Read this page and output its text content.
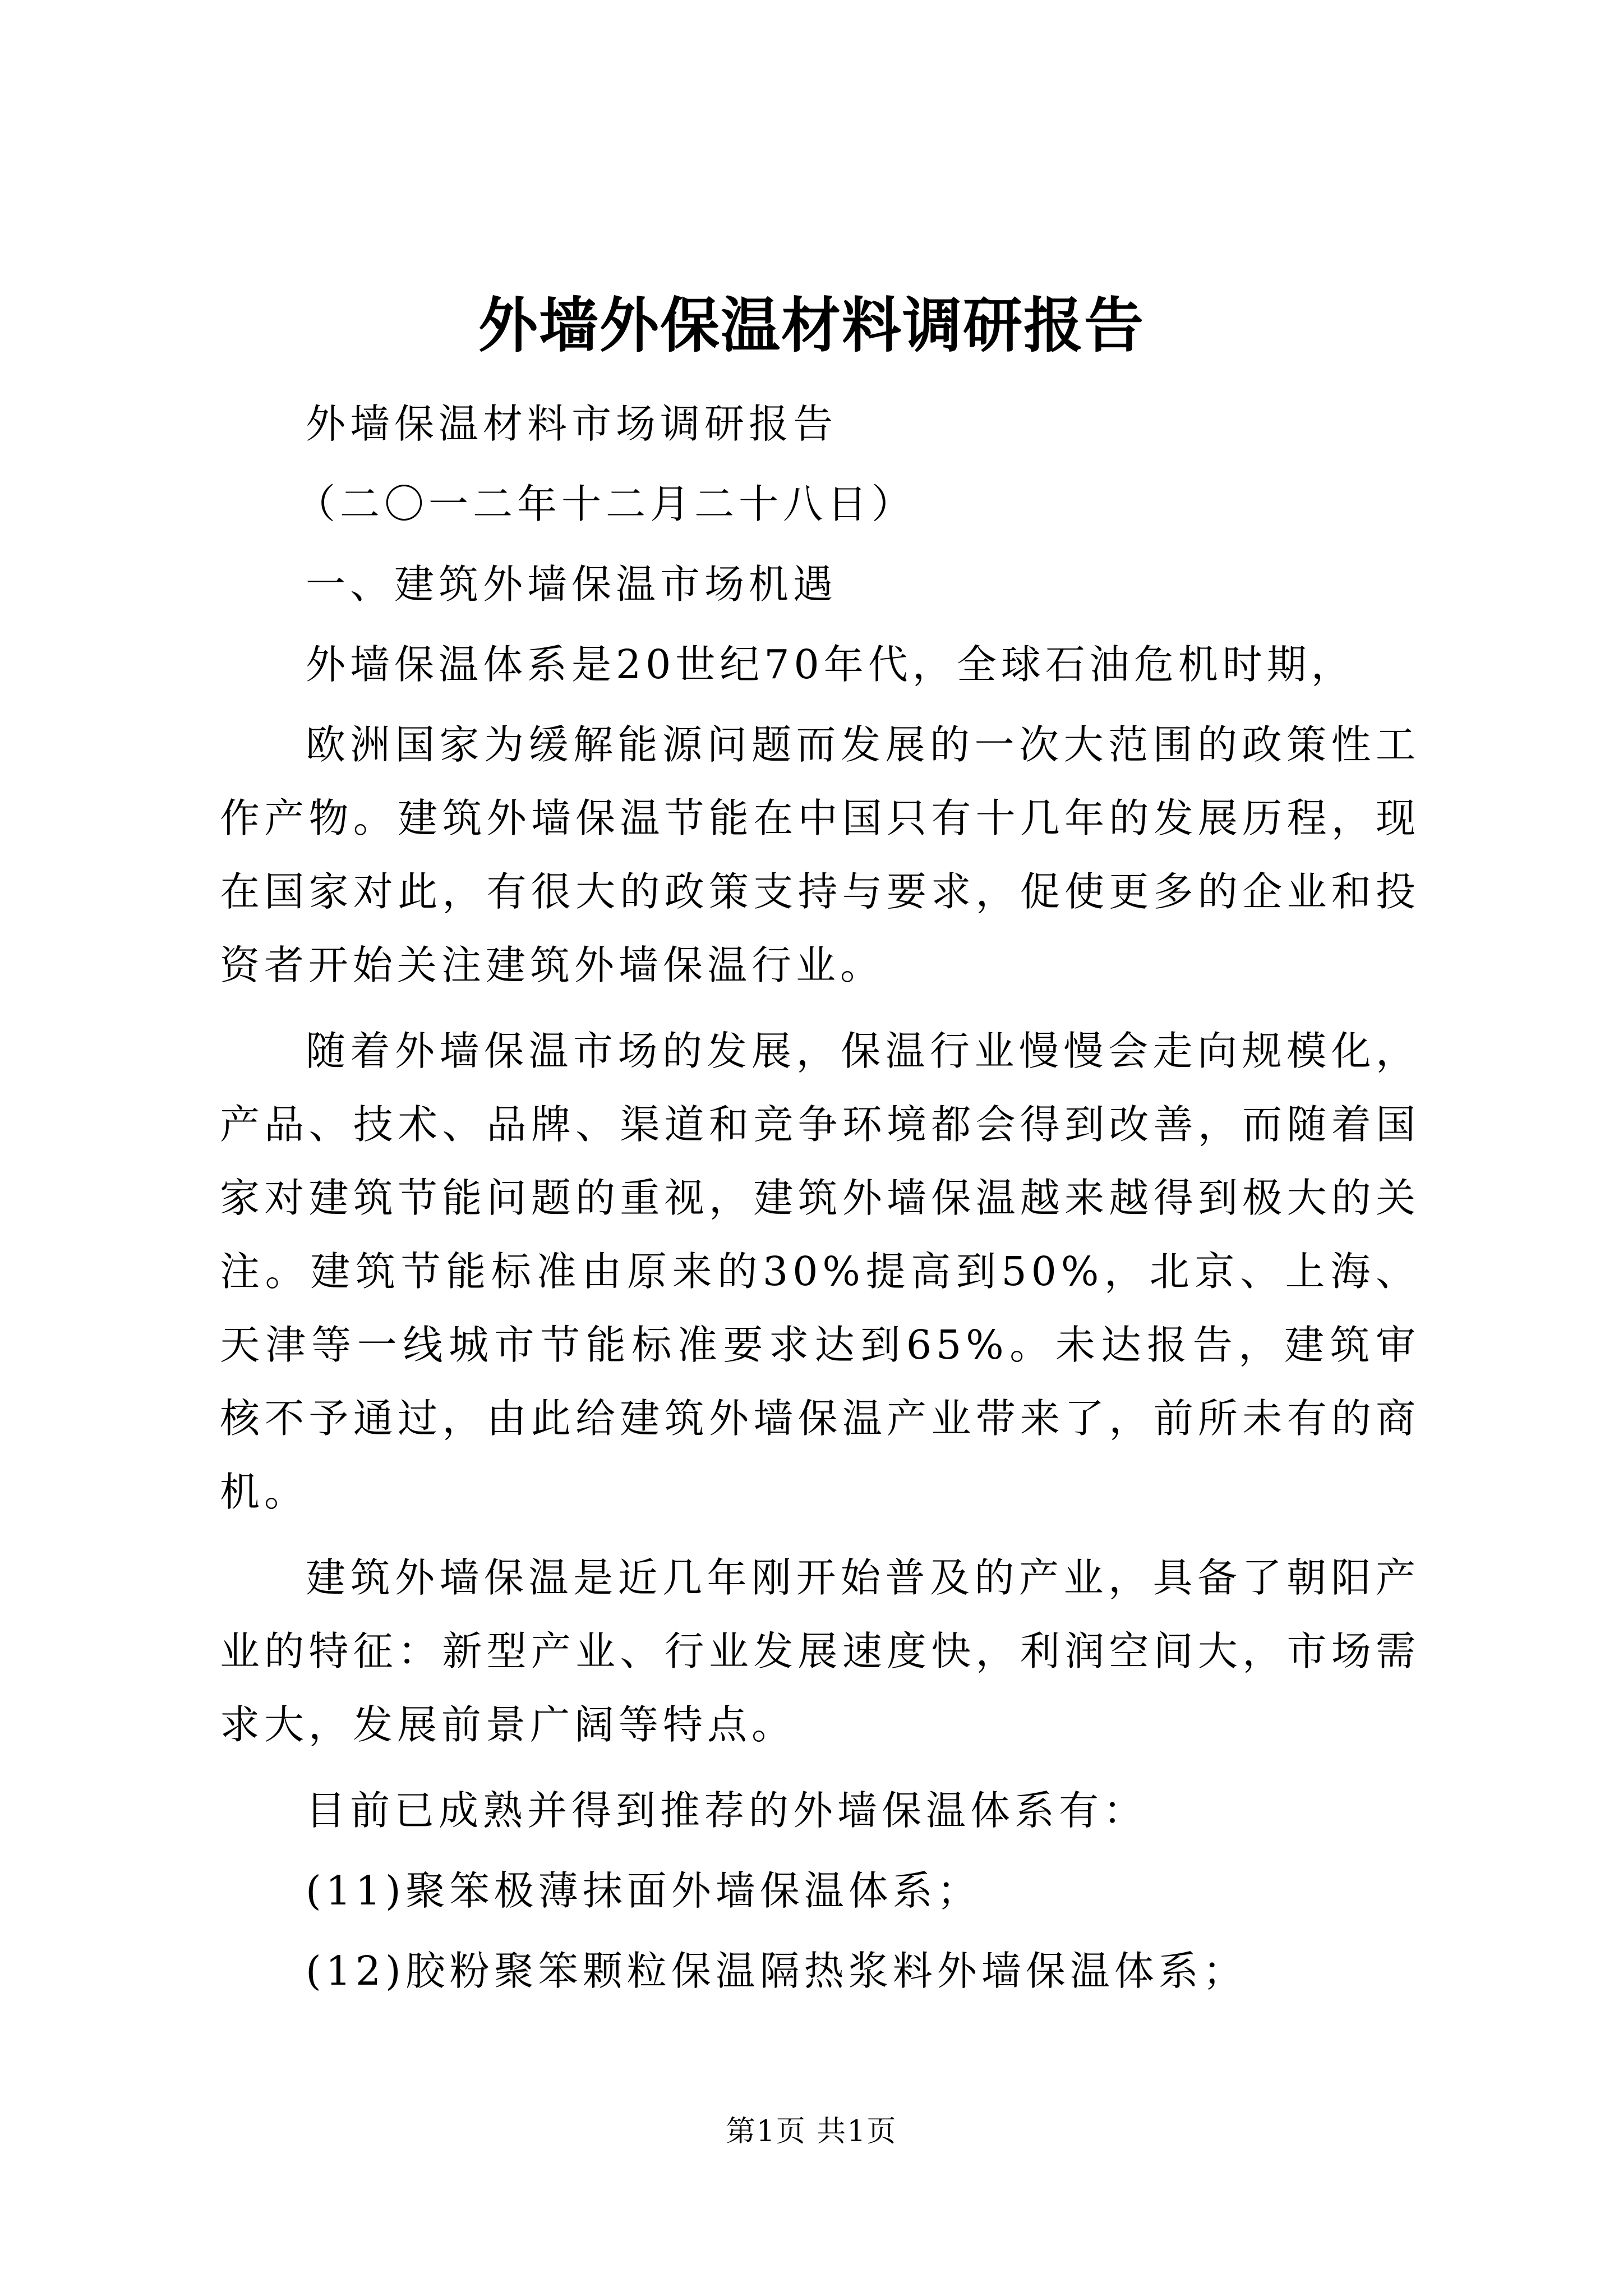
外墙外保温材料调研报告

外墙保温材料市场调研报告

（二〇一二年十二月二十八日）

一、建筑外墙保温市场机遇

外墙保温体系是20世纪70年代，全球石油危机时期，

欧洲国家为缓解能源问题而发展的一次大范围的政策性工作产物。建筑外墙保温节能在中国只有十几年的发展历程，现在国家对此，有很大的政策支持与要求，促使更多的企业和投资者开始关注建筑外墙保温行业。

随着外墙保温市场的发展，保温行业慢慢会走向规模化，产品、技术、品牌、渠道和竞争环境都会得到改善，而随着国家对建筑节能问题的重视，建筑外墙保温越来越得到极大的关注。建筑节能标准由原来的30%提高到50%，北京、上海、天津等一线城市节能标准要求达到65%。未达报告，建筑审核不予通过，由此给建筑外墙保温产业带来了，前所未有的商机。

建筑外墙保温是近几年刚开始普及的产业，具备了朝阳产业的特征：新型产业、行业发展速度快，利润空间大，市场需求大，发展前景广阔等特点。

目前已成熟并得到推荐的外墙保温体系有：

(11)聚笨极薄抹面外墙保温体系；

(12)胶粉聚笨颗粒保温隔热浆料外墙保温体系；

第1页 共1页
